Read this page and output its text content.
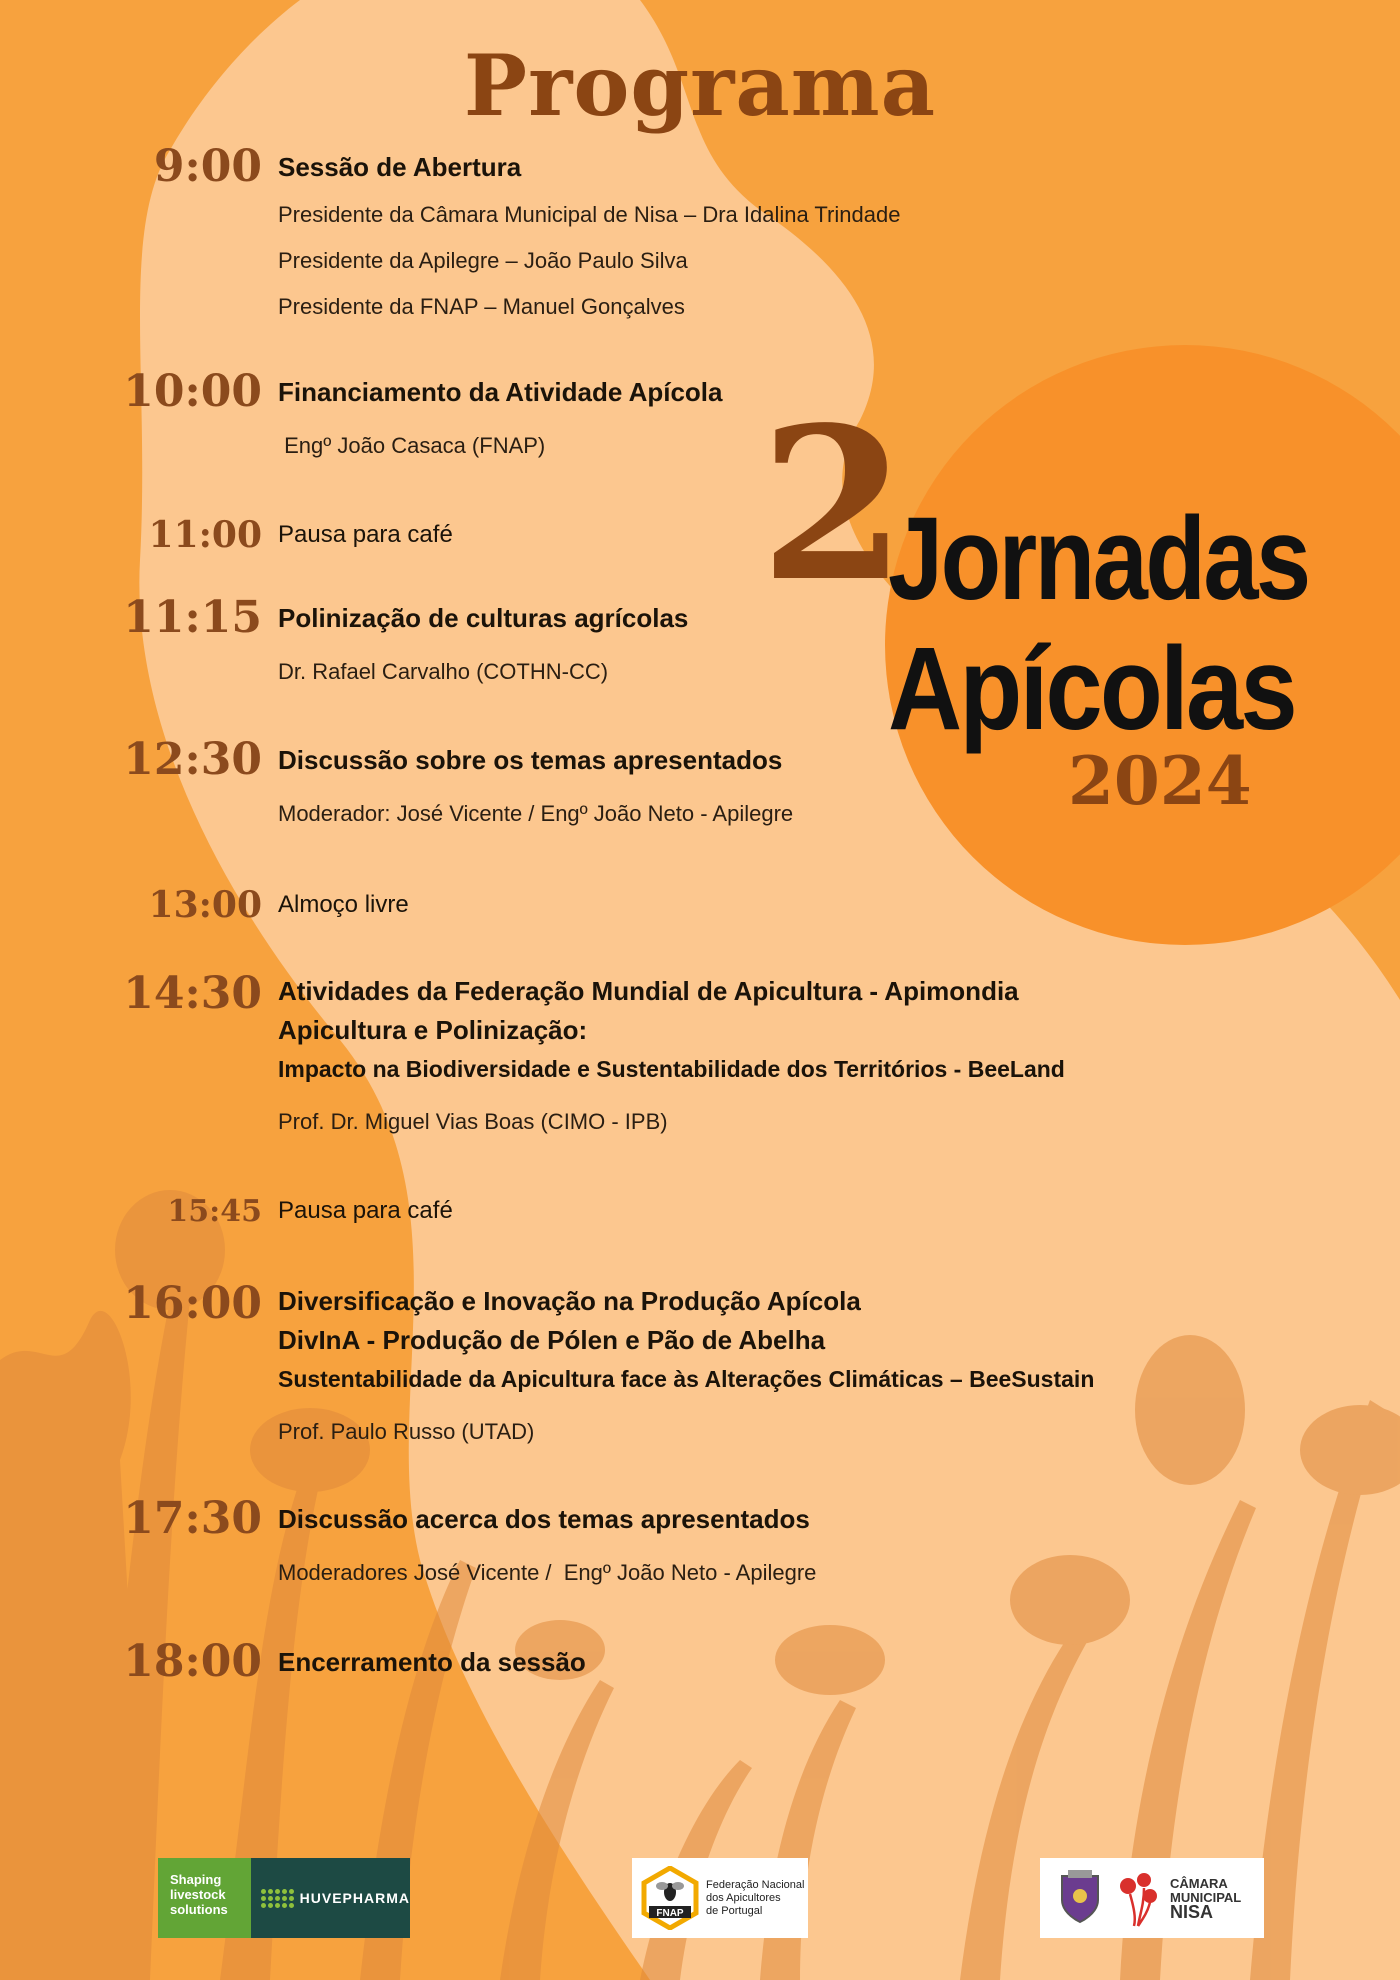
Programa
9:00 Sessão de Abertura
Presidente da Câmara Municipal de Nisa – Dra Idalina Trindade
Presidente da Apilegre – João Paulo Silva
Presidente da FNAP – Manuel Gonçalves
10:00 Financiamento da Atividade Apícola
Engº João Casaca (FNAP)
11:00 Pausa para café
11:15 Polinização de culturas agrícolas
Dr. Rafael Carvalho (COTHN-CC)
12:30 Discussão sobre os temas apresentados
Moderador: José Vicente / Engº João Neto - Apilegre
13:00 Almoço livre
14:30 Atividades da Federação Mundial de Apicultura - Apimondia
Apicultura e Polinização:
Impacto na Biodiversidade e Sustentabilidade dos Territórios - BeeLand
Prof. Dr. Miguel Vias Boas (CIMO - IPB)
15:45 Pausa para café
16:00 Diversificação e Inovação na Produção Apícola
DivInA - Produção de Pólen e Pão de Abelha
Sustentabilidade da Apicultura face às Alterações Climáticas – BeeSustain
Prof. Paulo Russo (UTAD)
17:30 Discussão acerca dos temas apresentados
Moderadores José Vicente /  Engº João Neto - Apilegre
18:00 Encerramento da sessão
2
Jornadas
Apícolas
2024
Shaping
livestock
solutions
HUVEPHARMA
FNAP
Federação Nacional
dos Apicultores
de Portugal
CÂMARA
MUNICIPAL
NISA
